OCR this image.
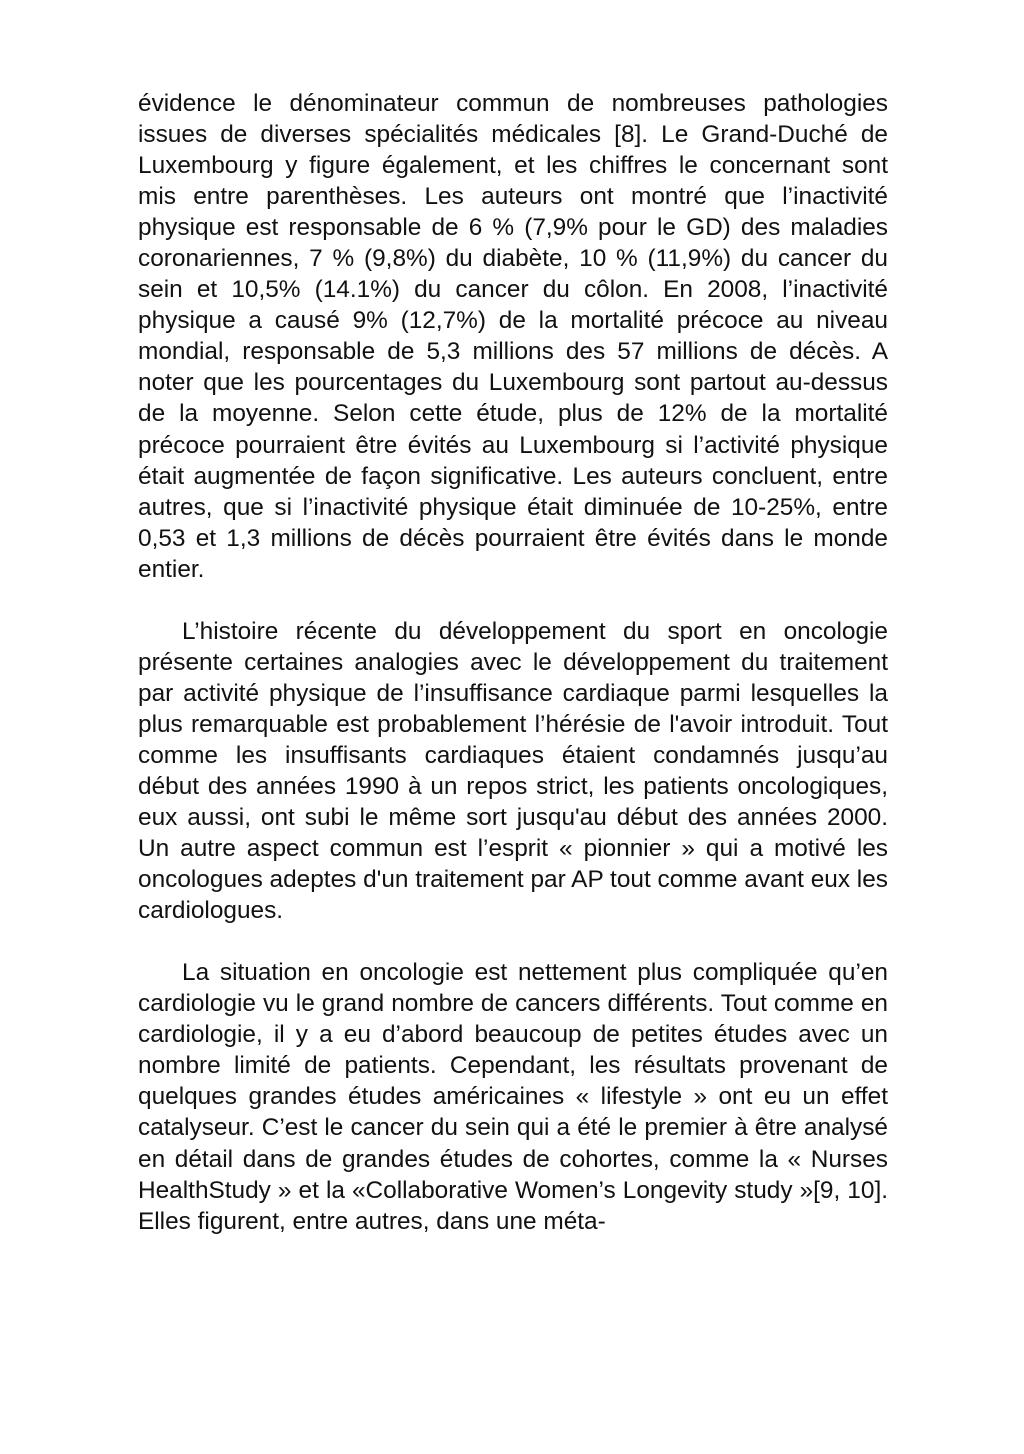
évidence le dénominateur commun de nombreuses pathologies issues de diverses spécialités médicales [8]. Le Grand-Duché de Luxembourg y figure également, et les chiffres le concernant sont mis entre parenthèses. Les auteurs ont montré que l’inactivité physique est responsable de 6 % (7,9% pour le GD) des maladies coronariennes, 7 % (9,8%) du diabète, 10 % (11,9%) du cancer du sein et 10,5% (14.1%) du cancer du côlon. En 2008, l’inactivité physique a causé 9% (12,7%) de la mortalité précoce au niveau mondial, responsable de 5,3 millions des 57 millions de décès. A noter que les pourcentages du Luxembourg sont partout au-dessus de la moyenne. Selon cette étude, plus de 12% de la mortalité précoce pourraient être évités au Luxembourg si l’activité physique était augmentée de façon significative. Les auteurs concluent, entre autres, que si l’inactivité physique était diminuée de 10-25%, entre 0,53 et 1,3 millions de décès pourraient être évités dans le monde entier.

L’histoire récente du développement du sport en oncologie présente certaines analogies avec le développement du traitement par activité physique de l’insuffisance cardiaque parmi lesquelles la plus remarquable est probablement l’hérésie de l'avoir introduit. Tout comme les insuffisants cardiaques étaient condamnés jusqu’au début des années 1990 à un repos strict, les patients oncologiques, eux aussi, ont subi le même sort jusqu'au début des années 2000. Un autre aspect commun est l’esprit « pionnier » qui a motivé les oncologues adeptes d'un traitement par AP tout comme avant eux les cardiologues.

La situation en oncologie est nettement plus compliquée qu’en cardiologie vu le grand nombre de cancers différents. Tout comme en cardiologie, il y a eu d’abord beaucoup de petites études avec un nombre limité de patients. Cependant, les résultats provenant de quelques grandes études américaines « lifestyle » ont eu un effet catalyseur. C’est le cancer du sein qui a été le premier à être analysé en détail dans de grandes études de cohortes, comme la « Nurses HealthStudy » et la «Collaborative Women’s Longevity study »[9, 10]. Elles figurent, entre autres, dans une méta-
